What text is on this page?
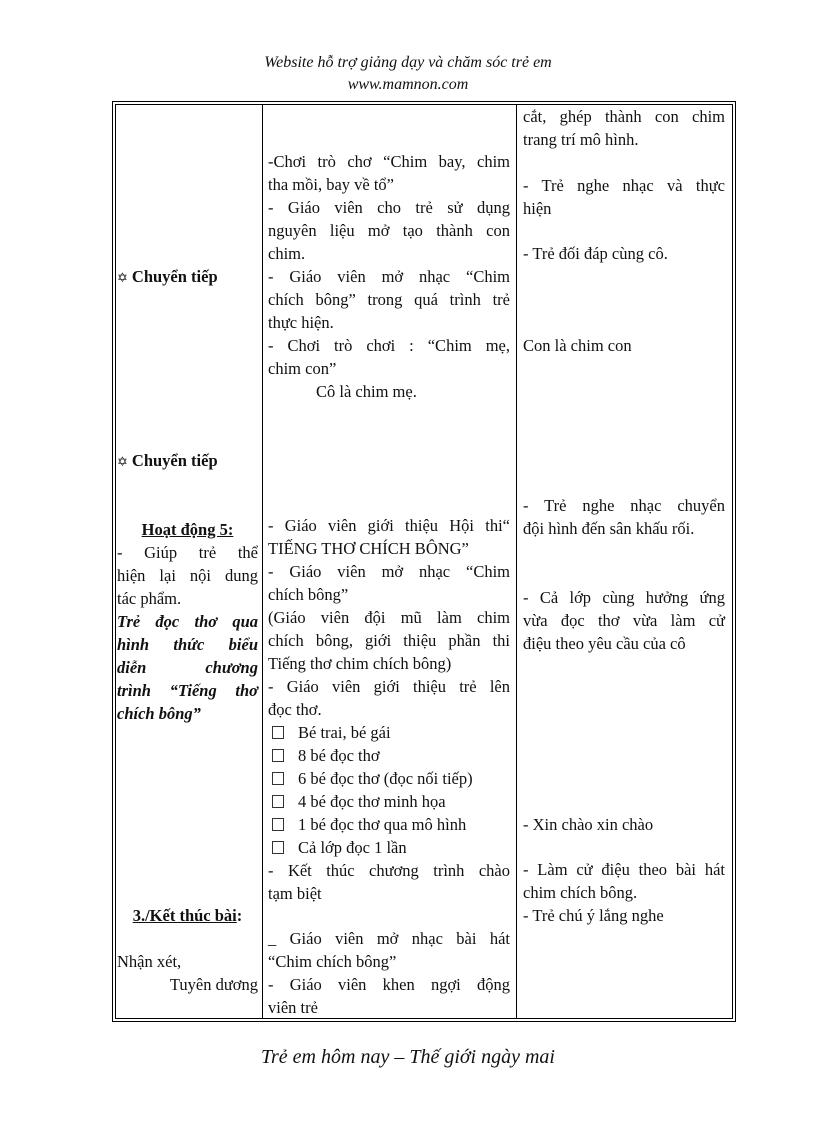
Website hỗ trợ giảng dạy và chăm sóc trẻ em
www.mamnon.com
✡ Chuyển tiếp
✡ Chuyển tiếp

Hoạt động 5:

- Giúp trẻ thể

hiện lại nội dung

tác phẩm.

Trẻ đọc thơ qua

hình thức biểu

diễn chương

trình “Tiếng thơ

chích bông”

3./Kết thúc bài:

Nhận xét,

Tuyên dương

-Chơi trò chơ “Chim bay, chim

tha mồi, bay về tổ”

- Giáo viên cho trẻ sử dụng

nguyên liệu mở tạo thành con

chim.

- Giáo viên mở nhạc “Chim

chích bông” trong quá trình trẻ

thực hiện.

- Chơi trò chơi : “Chim mẹ,

chim con”

Cô là chim mẹ.

- Giáo viên giới thiệu Hội thi“

TIẾNG THƠ CHÍCH BÔNG”

- Giáo viên mở nhạc “Chim

chích bông”

(Giáo viên đội mũ làm chim

chích bông, giới thiệu phần thi

Tiếng thơ chim chích bông)

- Giáo viên giới thiệu trẻ lên

đọc thơ.

Bé trai, bé gái

8 bé đọc thơ

6 bé đọc thơ (đọc nối tiếp)

4 bé đọc thơ minh họa

1 bé đọc thơ qua mô hình

Cả lớp đọc 1 lần

- Kết thúc chương trình chào

tạm biệt

_ Giáo viên mở nhạc bài hát

“Chim chích bông”

- Giáo viên khen ngợi động

viên trẻ

cắt, ghép thành con chim

trang trí mô hình.

- Trẻ nghe nhạc và thực

hiện

- Trẻ đối đáp cùng cô.

Con là chim con

- Trẻ nghe nhạc chuyển

đội hình đến sân khấu rối.

- Cả lớp cùng hưởng ứng

vừa đọc thơ vừa làm cử

điệu theo yêu cầu của cô

- Xin chào xin chào

- Làm cử điệu theo bài hát

chim chích bông.

- Trẻ chú ý lắng nghe

Trẻ em hôm nay – Thế giới ngày mai
